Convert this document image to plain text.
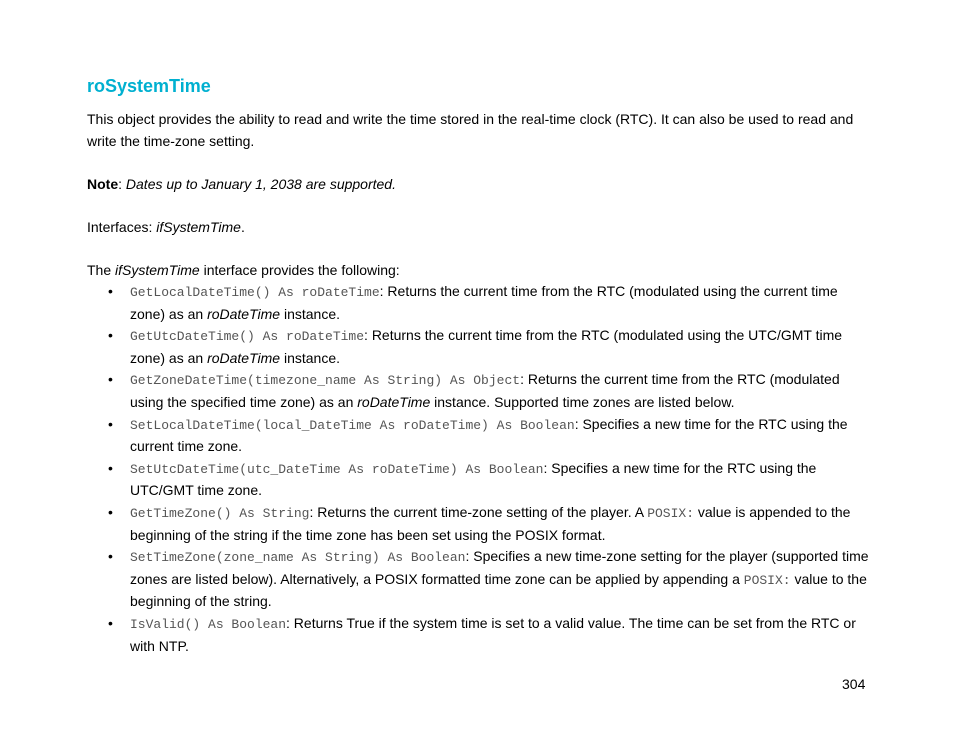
roSystemTime

This object provides the ability to read and write the time stored in the real-time clock (RTC). It can also be used to read and write the time-zone setting.

Note: Dates up to January 1, 2038 are supported.

Interfaces: ifSystemTime.

The ifSystemTime interface provides the following:

• GetLocalDateTime() As roDateTime: Returns the current time from the RTC (modulated using the current time zone) as an roDateTime instance.
• GetUtcDateTime() As roDateTime: Returns the current time from the RTC (modulated using the UTC/GMT time zone) as an roDateTime instance.
• GetZoneDateTime(timezone_name As String) As Object: Returns the current time from the RTC (modulated using the specified time zone) as an roDateTime instance. Supported time zones are listed below.
• SetLocalDateTime(local_DateTime As roDateTime) As Boolean: Specifies a new time for the RTC using the current time zone.
• SetUtcDateTime(utc_DateTime As roDateTime) As Boolean: Specifies a new time for the RTC using the UTC/GMT time zone.
• GetTimeZone() As String: Returns the current time-zone setting of the player. A POSIX: value is appended to the beginning of the string if the time zone has been set using the POSIX format.
• SetTimeZone(zone_name As String) As Boolean: Specifies a new time-zone setting for the player (supported time zones are listed below). Alternatively, a POSIX formatted time zone can be applied by appending a POSIX: value to the beginning of the string.
• IsValid() As Boolean: Returns True if the system time is set to a valid value. The time can be set from the RTC or with NTP.
304
